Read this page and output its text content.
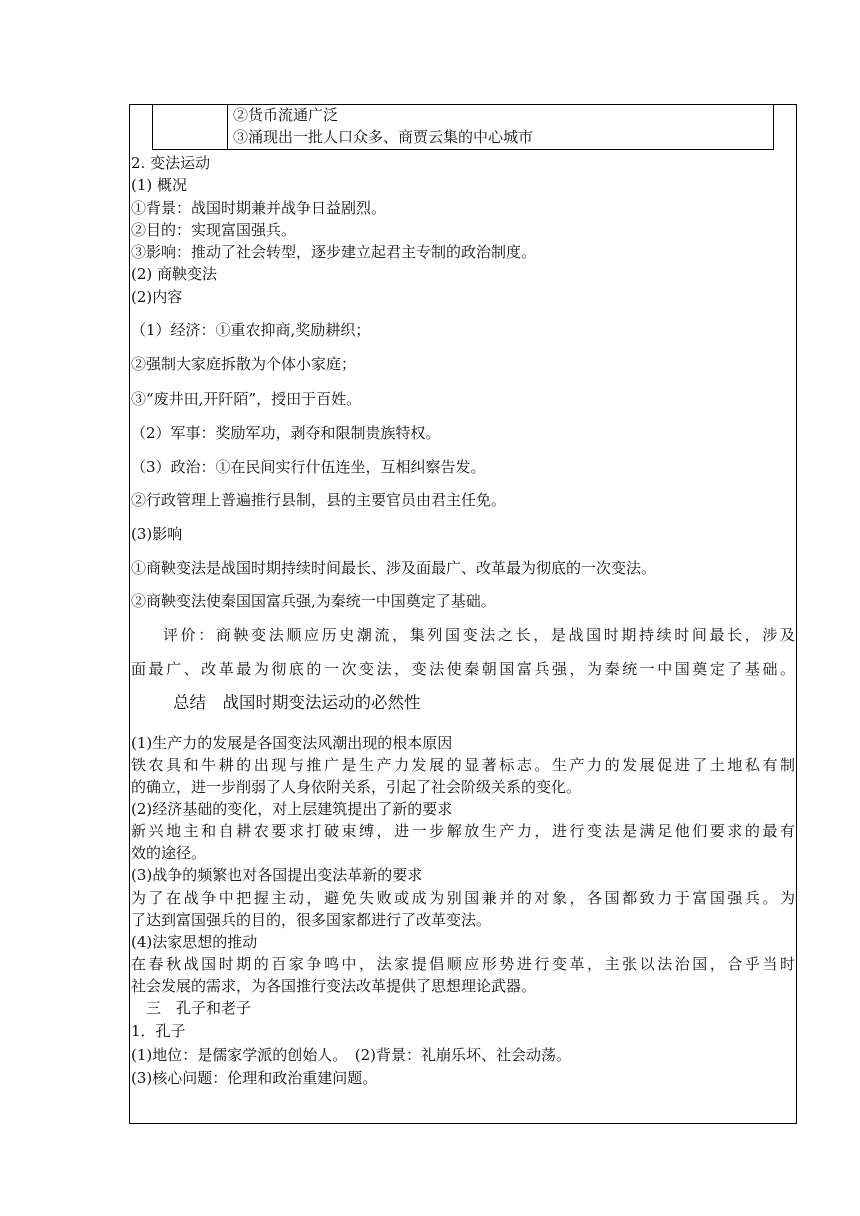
②货币流通广泛
③涌现出一批人口众多、商贾云集的中心城市
2. 变法运动
(1) 概况
①背景：战国时期兼并战争日益剧烈。
②目的：实现富国强兵。
③影响：推动了社会转型，逐步建立起君主专制的政治制度。
(2) 商鞅变法
(2)内容
（1）经济：①重农抑商,奖励耕织；
②强制大家庭拆散为个体小家庭；
③“废井田,开阡陌”，授田于百姓。
（2）军事：奖励军功，剥夺和限制贵族特权。
（3）政治：①在民间实行什伍连坐，互相纠察告发。
②行政管理上普遍推行县制，县的主要官员由君主任免。
(3)影响
①商鞅变法是战国时期持续时间最长、涉及面最广、改革最为彻底的一次变法。
②商鞅变法使秦国国富兵强,为秦统一中国奠定了基础。
评价：商鞅变法顺应历史潮流，集列国变法之长，是战国时期持续时间最长，涉及
面最广、改革最为彻底的一次变法，变法使秦朝国富兵强，为秦统一中国奠定了基础。
总结　战国时期变法运动的必然性
(1)生产力的发展是各国变法风潮出现的根本原因
铁农具和牛耕的出现与推广是生产力发展的显著标志。生产力的发展促进了土地私有制
的确立，进一步削弱了人身依附关系，引起了社会阶级关系的变化。
(2)经济基础的变化，对上层建筑提出了新的要求
新兴地主和自耕农要求打破束缚，进一步解放生产力，进行变法是满足他们要求的最有
效的途径。
(3)战争的频繁也对各国提出变法革新的要求
为了在战争中把握主动，避免失败或成为别国兼并的对象，各国都致力于富国强兵。为
了达到富国强兵的目的，很多国家都进行了改革变法。
(4)法家思想的推动
在春秋战国时期的百家争鸣中，法家提倡顺应形势进行变革，主张以法治国，合乎当时
社会发展的需求，为各国推行变法改革提供了思想理论武器。
三　孔子和老子
1．孔子
(1)地位：是儒家学派的创始人。　(2)背景：礼崩乐坏、社会动荡。
(3)核心问题：伦理和政治重建问题。
